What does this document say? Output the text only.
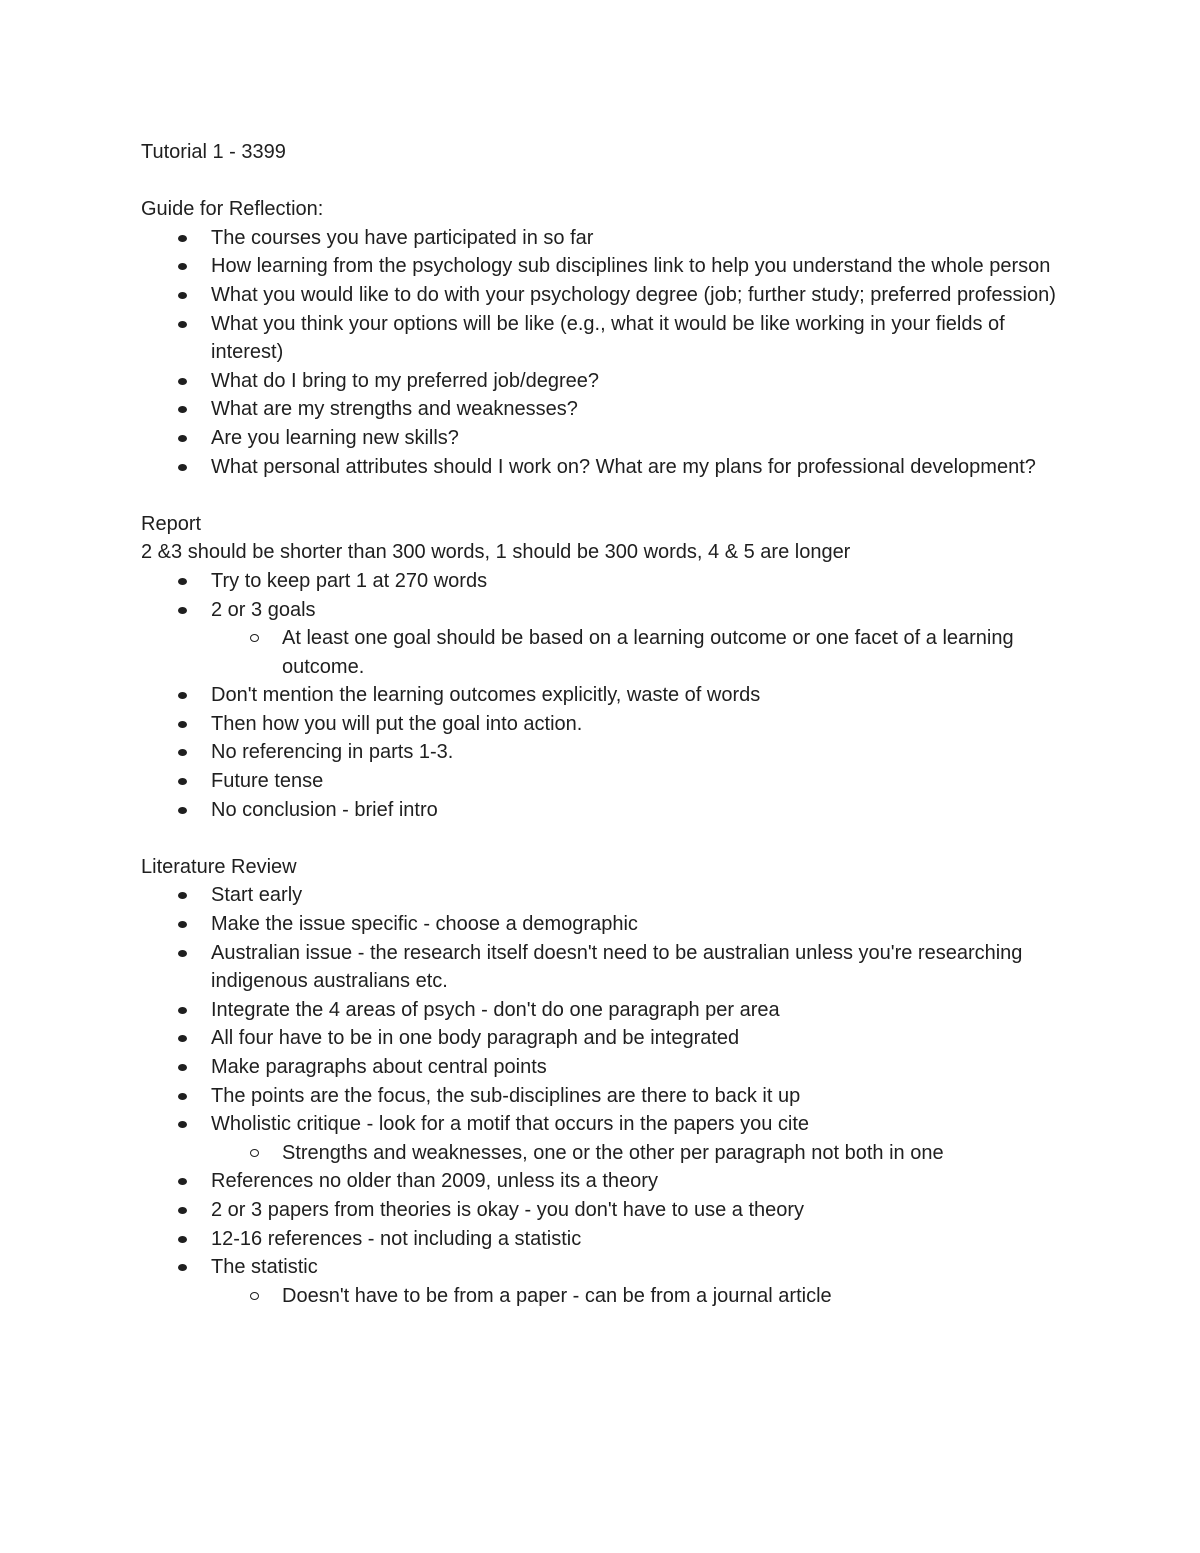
Tutorial 1 - 3399
Guide for Reflection:
The courses you have participated in so far
How learning from the psychology sub disciplines link to help you understand the whole person
What you would like to do with your psychology degree (job; further study; preferred profession)
What you think your options will be like (e.g., what it would be like working in your fields of interest)
What do I bring to my preferred job/degree?
What are my strengths and weaknesses?
Are you learning new skills?
What personal attributes should I work on? What are my plans for professional development?
Report
2 &3 should be shorter than 300 words, 1 should be 300 words, 4 & 5 are longer
Try to keep part 1 at 270 words
2 or 3 goals
At least one goal should be based on a learning outcome or one facet of a learning outcome.
Don't mention the learning outcomes explicitly, waste of words
Then how you will put the goal into action.
No referencing in parts 1-3.
Future tense
No conclusion - brief intro
Literature Review
Start early
Make the issue specific - choose a demographic
Australian issue - the research itself doesn't need to be australian unless you're researching indigenous australians etc.
Integrate the 4 areas of psych - don't do one paragraph per area
All four have to be in one body paragraph and be integrated
Make paragraphs about central points
The points are the focus, the sub-disciplines are there to back it up
Wholistic critique - look for a motif that occurs in the papers you cite
Strengths and weaknesses, one or the other per paragraph not both in one
References no older than 2009, unless its a theory
2 or 3 papers from theories is okay - you don't have to use a theory
12-16 references - not including a statistic
The statistic
Doesn't have to be from a paper - can be from a journal article
